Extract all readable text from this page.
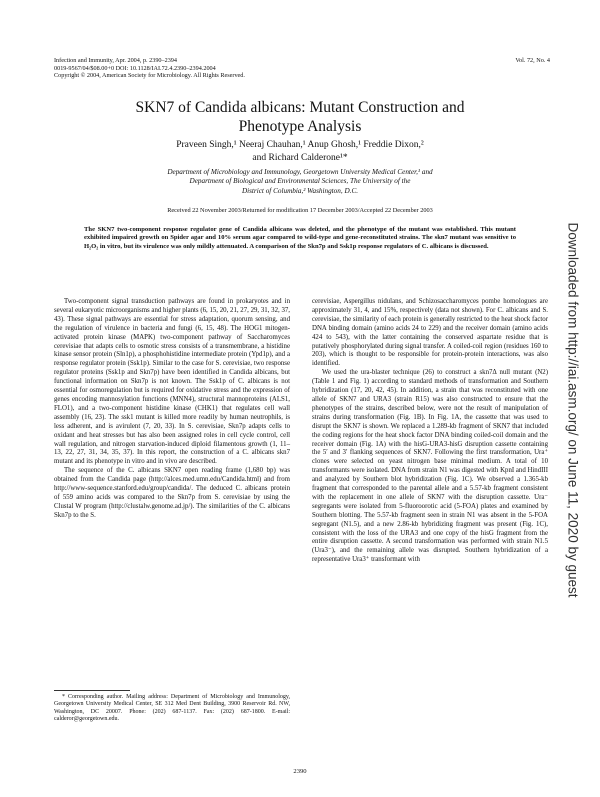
Infection and Immunity, Apr. 2004, p. 2390–2394
0019-9567/04/$08.00+0 DOI: 10.1128/IAI.72.4.2390–2394.2004
Copyright © 2004, American Society for Microbiology. All Rights Reserved.
Vol. 72, No. 4
SKN7 of Candida albicans: Mutant Construction and
Phenotype Analysis
Praveen Singh,¹ Neeraj Chauhan,¹ Anup Ghosh,¹ Freddie Dixon,²
and Richard Calderone¹*
Department of Microbiology and Immunology, Georgetown University Medical Center,¹ and
Department of Biological and Environmental Sciences, The University of the
District of Columbia,² Washington, D.C.
Received 22 November 2003/Returned for modification 17 December 2003/Accepted 22 December 2003
The SKN7 two-component response regulator gene of Candida albicans was deleted, and the phenotype of the mutant was established. This mutant exhibited impaired growth on Spider agar and 10% serum agar compared to wild-type and gene-reconstituted strains. The skn7 mutant was sensitive to H₂O₂ in vitro, but its virulence was only mildly attenuated. A comparison of the Skn7p and Ssk1p response regulators of C. albicans is discussed.

Two-component signal transduction pathways are found in prokaryotes and in several eukaryotic microorganisms and higher plants (6, 15, 20, 21, 27, 29, 31, 32, 37, 43). These signal pathways are essential for stress adaptation, quorum sensing, and the regulation of virulence in bacteria and fungi (6, 15, 48). The HOG1 mitogen-activated protein kinase (MAPK) two-component pathway of Saccharomyces cerevisiae that adapts cells to osmotic stress consists of a transmembrane, a histidine kinase sensor protein (Sln1p), a phosphohistidine intermediate protein (Ypd1p), and a response regulator protein (Ssk1p). Similar to the case for S. cerevisiae, two response regulator proteins (Ssk1p and Skn7p) have been identified in Candida albicans, but functional information on Skn7p is not known. The Ssk1p of C. albicans is not essential for osmoregulation but is required for oxidative stress and the expression of genes encoding mannosylation functions (MNN4), structural mannoproteins (ALS1, FLO1), and a two-component histidine kinase (CHK1) that regulates cell wall assembly (16, 23). The ssk1 mutant is killed more readily by human neutrophils, is less adherent, and is avirulent (7, 20, 33). In S. cerevisiae, Skn7p adapts cells to oxidant and heat stresses but has also been assigned roles in cell cycle control, cell wall regulation, and nitrogen starvation-induced diploid filamentous growth (1, 11–13, 22, 27, 31, 34, 35, 37). In this report, the construction of a C. albicans skn7 mutant and its phenotype in vitro and in vivo are described.

The sequence of the C. albicans SKN7 open reading frame (1,680 bp) was obtained from the Candida page (http://alces.med.umn.edu/Candida.html) and from http://www-sequence.stanford.edu/group/candida/. The deduced C. albicans protein of 559 amino acids was compared to the Skn7p from S. cerevisiae by using the Clustal W program (http://clustalw.genome.ad.jp/). The similarities of the C. albicans Skn7p to the S.

cerevisiae, Aspergillus nidulans, and Schizosaccharomyces pombe homologues are approximately 31, 4, and 15%, respectively (data not shown). For C. albicans and S. cerevisiae, the similarity of each protein is generally restricted to the heat shock factor DNA binding domain (amino acids 24 to 229) and the receiver domain (amino acids 424 to 543), with the latter containing the conserved aspartate residue that is putatively phosphorylated during signal transfer. A coiled-coil region (residues 160 to 203), which is thought to be responsible for protein-protein interactions, was also identified.

We used the ura-blaster technique (26) to construct a skn7Δ null mutant (N2) (Table 1 and Fig. 1) according to standard methods of transformation and Southern hybridization (17, 20, 42, 45). In addition, a strain that was reconstituted with one allele of SKN7 and URA3 (strain R15) was also constructed to ensure that the phenotypes of the strains, described below, were not the result of manipulation of strains during transformation (Fig. 1B). In Fig. 1A, the cassette that was used to disrupt the SKN7 is shown. We replaced a 1.289-kb fragment of SKN7 that included the coding regions for the heat shock factor DNA binding coiled-coil domain and the receiver domain (Fig. 1A) with the hisG-URA3-hisG disruption cassette containing the 5′ and 3′ flanking sequences of SKN7. Following the first transformation, Ura⁺ clones were selected on yeast nitrogen base minimal medium. A total of 10 transformants were isolated. DNA from strain N1 was digested with KpnI and HindIII and analyzed by Southern blot hybridization (Fig. 1C). We observed a 1.365-kb fragment that corresponded to the parental allele and a 5.57-kb fragment consistent with the replacement in one allele of SKN7 with the disruption cassette. Ura⁻ segregants were isolated from 5-fluoroorotic acid (5-FOA) plates and examined by Southern blotting. The 5.57-kb fragment seen in strain N1 was absent in the 5-FOA segregant (N1.5), and a new 2.86-kb hybridizing fragment was present (Fig. 1C), consistent with the loss of the URA3 and one copy of the hisG fragment from the entire disruption cassette. A second transformation was performed with strain N1.5 (Ura3⁻), and the remaining allele was disrupted. Southern hybridization of a representative Ura3⁺ transformant with

* Corresponding author. Mailing address: Department of Microbiology and Immunology, Georgetown University Medical Center, SE 312 Med Dent Building, 3900 Reservoir Rd. NW, Washington, DC 20007. Phone: (202) 687-1137. Fax: (202) 687-1800. E-mail: calderor@georgetown.edu.

2390
Downloaded from http://iai.asm.org/ on June 11, 2020 by guest
